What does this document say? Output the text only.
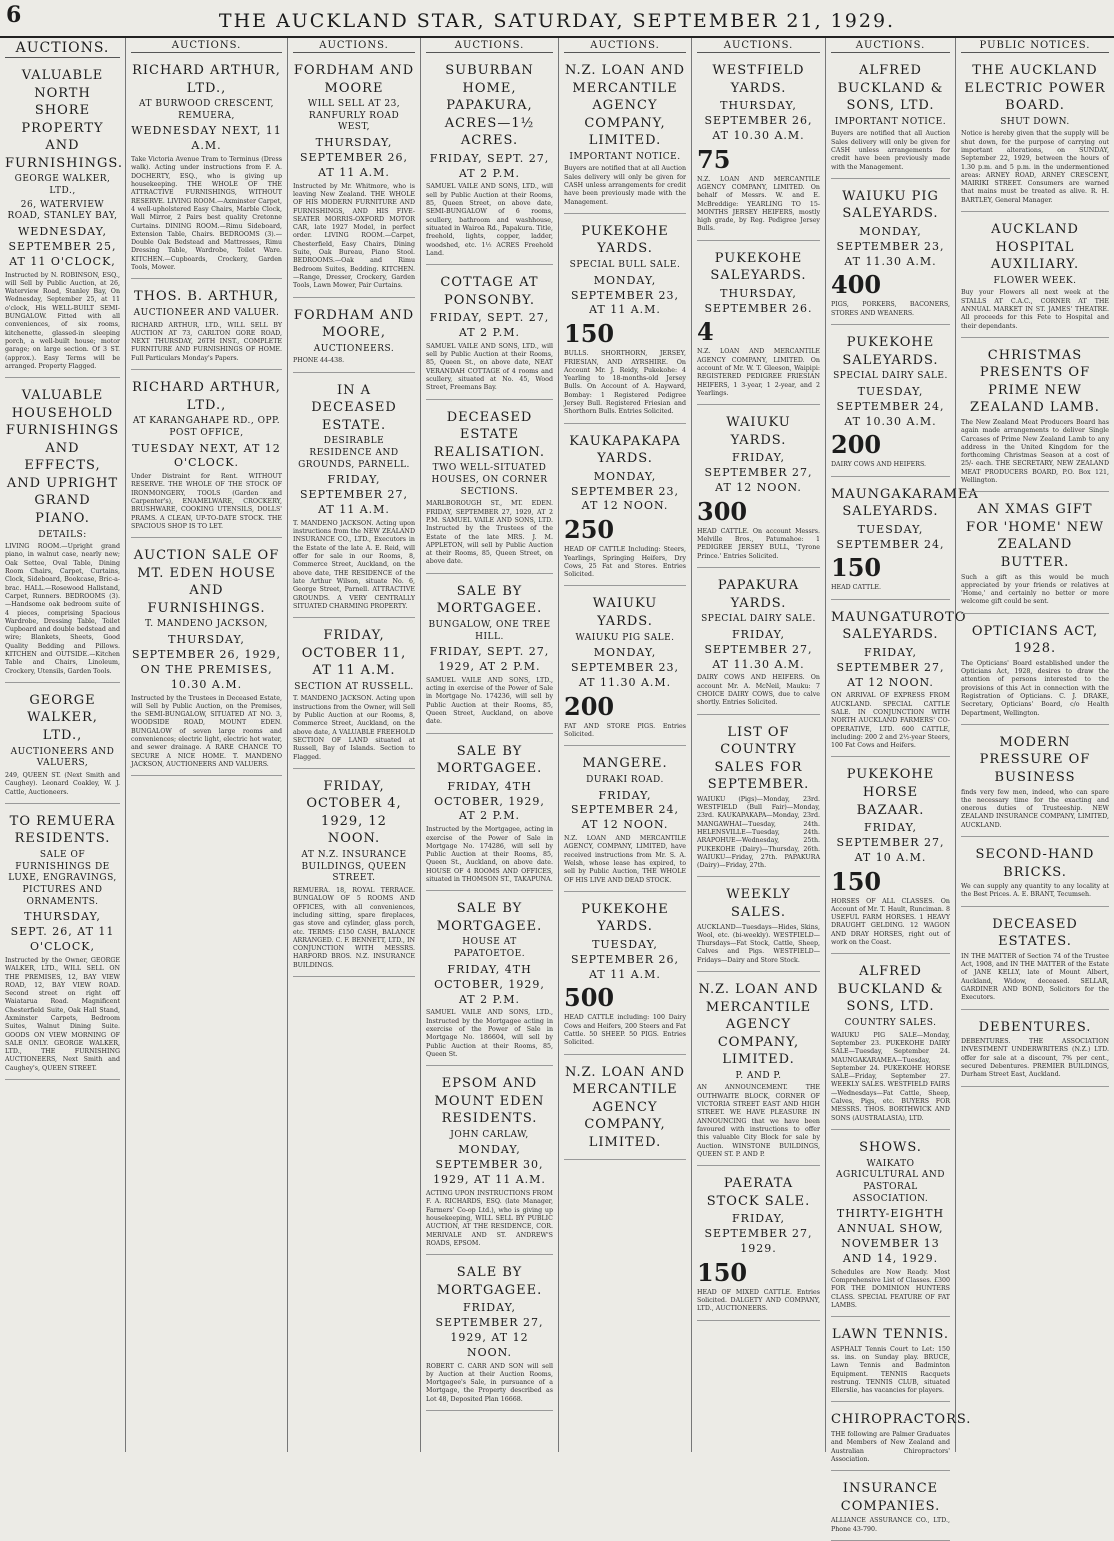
6	THE AUCKLAND STAR, SATURDAY, SEPTEMBER 21, 1929.
AUCTIONS.
VALUABLE NORTH SHORE PROPERTY AND FURNISHINGS.
GEORGE WALKER, LTD.,
26, WATERVIEW ROAD, STANLEY BAY,
WEDNESDAY, SEPTEMBER 25, AT 11 O'CLOCK,
Instructed by N. ROBINSON, ESQ., will Sell by Public Auction, at 26, Waterview Road, Stanley Bay, On Wednesday, September 25, at 11 o'clock, His WELL-BUILT SEMI-BUNGALOW. Fitted with all conveniences, of six rooms, kitchenette, glassed-in sleeping porch, a well-built house; motor garage; on large section. Of 3 ST. (approx.). Easy Terms will be arranged. Property Flagged.
VALUABLE HOUSEHOLD FURNISHINGS AND EFFECTS, AND UPRIGHT GRAND PIANO.
DETAILS:
LIVING ROOM.—Upright grand piano, in walnut case, nearly new; Oak Settee, Oval Table, Dining Room Chairs, Carpet, Curtains, Clock, Sideboard, Bookcase, Bric-a-brac. HALL.—Rosewood Hallstand, Carpet, Runners. BEDROOMS (3).—Handsome oak bedroom suite of 4 pieces, comprising Spacious Wardrobe, Dressing Table, Toilet Cupboard and double bedstead and wire; Blankets, Sheets, Good Quality Bedding and Pillows. KITCHEN and OUTSIDE.—Kitchen Table and Chairs, Linoleum, Crockery, Utensils, Garden Tools.
GEORGE WALKER, LTD.,
AUCTIONEERS AND VALUERS,
249, QUEEN ST. (Next Smith and Caughey). Leonard Coakley, W. J. Cattle, Auctioneers.
TO REMUERA RESIDENTS.
SALE OF FURNISHINGS DE LUXE, ENGRAVINGS, PICTURES AND ORNAMENTS.
THURSDAY, SEPT. 26, AT 11 O'CLOCK,
Instructed by the Owner, GEORGE WALKER, LTD., WILL SELL ON THE PREMISES, 12, BAY VIEW ROAD, 12, BAY VIEW ROAD. Second street on right off Waiatarua Road. Magnificent Chesterfield Suite, Oak Hall Stand, Axminster Carpets, Bedroom Suites, Walnut Dining Suite. GOODS ON VIEW MORNING OF SALE ONLY. GEORGE WALKER, LTD., THE FURNISHING AUCTIONEERS, Next Smith and Caughey's, QUEEN STREET.
AUCTIONS.
RICHARD ARTHUR, LTD.,
AT BURWOOD CRESCENT, REMUERA,
WEDNESDAY NEXT, 11 A.M.
Take Victoria Avenue Tram to Terminus (Dress walk). Acting under instructions from F. A. DOCHERTY, ESQ., who is giving up housekeeping. THE WHOLE OF THE ATTRACTIVE FURNISHINGS, WITHOUT RESERVE. LIVING ROOM.—Axminster Carpet, 4 well-upholstered Easy Chairs, Marble Clock, Wall Mirror, 2 Pairs best quality Cretonne Curtains. DINING ROOM.—Rimu Sideboard, Extension Table, Chairs. BEDROOMS (3).—Double Oak Bedstead and Mattresses, Rimu Dressing Table, Wardrobe, Toilet Ware. KITCHEN.—Cupboards, Crockery, Garden Tools, Mower.
THOS. B. ARTHUR,
AUCTIONEER AND VALUER.
RICHARD ARTHUR, LTD., WILL SELL BY AUCTION AT 73, CARLTON GORE ROAD, NEXT THURSDAY, 26TH INST., COMPLETE FURNITURE AND FURNISHINGS OF HOME. Full Particulars Monday's Papers.
RICHARD ARTHUR, LTD.,
AT KARANGAHAPE RD., OPP. POST OFFICE,
TUESDAY NEXT, AT 12 O'CLOCK.
Under Distraint for Rent. WITHOUT RESERVE. THE WHOLE OF THE STOCK OF IRONMONGERY, TOOLS (Garden and Carpenter's), ENAMELWARE, CROCKERY, BRUSHWARE, COOKING UTENSILS, DOLLS' PRAMS. A CLEAN, UP-TO-DATE STOCK. THE SPACIOUS SHOP IS TO LET.
AUCTION SALE OF MT. EDEN HOUSE AND FURNISHINGS.
T. MANDENO JACKSON,
THURSDAY, SEPTEMBER 26, 1929, ON THE PREMISES, 10.30 A.M.
Instructed by the Trustees in Deceased Estate, will Sell by Public Auction, on the Premises, the SEMI-BUNGALOW, SITUATED AT NO. 3, WOODSIDE ROAD, MOUNT EDEN. BUNGALOW of seven large rooms and conveniences; electric light, electric hot water, and sewer drainage. A RARE CHANCE TO SECURE A NICE HOME. T. MANDENO JACKSON, AUCTIONEERS AND VALUERS.
AUCTIONS.
FORDHAM AND MOORE
WILL SELL AT 23, RANFURLY ROAD WEST,
THURSDAY, SEPTEMBER 26, AT 11 A.M.
Instructed by Mr. Whitmore, who is leaving New Zealand. THE WHOLE OF HIS MODERN FURNITURE AND FURNISHINGS, AND HIS FIVE-SEATER MORRIS-OXFORD MOTOR CAR, late 1927 Model, in perfect order. LIVING ROOM.—Carpet, Chesterfield, Easy Chairs, Dining Suite, Oak Bureau, Piano Stool. BEDROOMS.—Oak and Rimu Bedroom Suites, Bedding. KITCHEN.—Range, Dresser, Crockery, Garden Tools, Lawn Mower, Pair Curtains.
FORDHAM AND MOORE,
AUCTIONEERS.
PHONE 44-438.
IN A DECEASED ESTATE.
DESIRABLE RESIDENCE AND GROUNDS, PARNELL.
FRIDAY, SEPTEMBER 27, AT 11 A.M.
T. MANDENO JACKSON. Acting upon instructions from the NEW ZEALAND INSURANCE CO., LTD., Executors in the Estate of the late A. E. Reid, will offer for sale in our Rooms, 8, Commerce Street, Auckland, on the above date, THE RESIDENCE of the late Arthur Wilson, situate No. 6, George Street, Parnell. ATTRACTIVE GROUNDS. A VERY CENTRALLY SITUATED CHARMING PROPERTY.
FRIDAY, OCTOBER 11, AT 11 A.M.
SECTION AT RUSSELL.
T. MANDENO JACKSON. Acting upon instructions from the Owner, will Sell by Public Auction at our Rooms, 8, Commerce Street, Auckland, on the above date, A VALUABLE FREEHOLD SECTION OF LAND situated at Russell, Bay of Islands. Section to Flagged.
FRIDAY, OCTOBER 4, 1929, 12 NOON.
AT N.Z. INSURANCE BUILDINGS, QUEEN STREET.
REMUERA. 18, ROYAL TERRACE. BUNGALOW OF 5 ROOMS AND OFFICES, with all conveniences, including sitting, spare fireplaces, gas stove and cylinder, glass porch, etc. TERMS: £150 CASH, BALANCE ARRANGED. C. F. BENNETT, LTD., IN CONJUNCTION WITH MESSRS. HARFORD BROS. N.Z. INSURANCE BUILDINGS.
AUCTIONS.
SUBURBAN HOME, PAPAKURA, ACRES—1½ ACRES.
FRIDAY, SEPT. 27, AT 2 P.M.
SAMUEL VAILE AND SONS, LTD., will sell by Public Auction at their Rooms, 85, Queen Street, on above date, SEMI-BUNGALOW of 6 rooms, scullery, bathroom and washhouse, situated in Wairoa Rd., Papakura. Title, freehold, lights, copper, ladder, woodshed, etc. 1½ ACRES Freehold Land.
COTTAGE AT PONSONBY.
FRIDAY, SEPT. 27, AT 2 P.M.
SAMUEL VAILE AND SONS, LTD., will sell by Public Auction at their Rooms, 85, Queen St., on above date, NEAT VERANDAH COTTAGE of 4 rooms and scullery, situated at No. 45, Wood Street, Freemans Bay.
DECEASED ESTATE REALISATION.
TWO WELL-SITUATED HOUSES, ON CORNER SECTIONS.
MARLBOROUGH ST., MT. EDEN. FRIDAY, SEPTEMBER 27, 1929, AT 2 P.M. SAMUEL VAILE AND SONS, LTD. Instructed by the Trustees of the Estate of the late MRS. J. M. APPLETON, will sell by Public Auction at their Rooms, 85, Queen Street, on above date.
SALE BY MORTGAGEE.
BUNGALOW, ONE TREE HILL.
FRIDAY, SEPT. 27, 1929, AT 2 P.M.
SAMUEL VAILE AND SONS, LTD., acting in exercise of the Power of Sale in Mortgage No. 174236, will sell by Public Auction at their Rooms, 85, Queen Street, Auckland, on above date.
SALE BY MORTGAGEE.
FRIDAY, 4TH OCTOBER, 1929, AT 2 P.M.
Instructed by the Mortgagee, acting in exercise of the Power of Sale in Mortgage No. 174286, will sell by Public Auction at their Rooms, 85, Queen St., Auckland, on above date. HOUSE OF 4 ROOMS AND OFFICES, situated in THOMSON ST., TAKAPUNA.
SALE BY MORTGAGEE.
HOUSE AT PAPATOETOE.
FRIDAY, 4TH OCTOBER, 1929, AT 2 P.M.
SAMUEL VAILE AND SONS, LTD., Instructed by the Mortgagee acting in exercise of the Power of Sale in Mortgage No. 186604, will sell by Public Auction at their Rooms, 85, Queen St.
EPSOM AND MOUNT EDEN RESIDENTS.
JOHN CARLAW,
MONDAY, SEPTEMBER 30, 1929, AT 11 A.M.
ACTING UPON INSTRUCTIONS FROM F. A. RICHARDS, ESQ. (late Manager, Farmers' Co-op Ltd.), who is giving up housekeeping, WILL SELL BY PUBLIC AUCTION, AT THE RESIDENCE, COR. MERIVALE AND ST. ANDREW'S ROADS, EPSOM.
SALE BY MORTGAGEE.
FRIDAY, SEPTEMBER 27, 1929, AT 12 NOON.
ROBERT C. CARR AND SON will sell by Auction at their Auction Rooms, Mortgagee's Sale, in pursuance of a Mortgage, the Property described as Lot 48, Deposited Plan 16668.
AUCTIONS.
N.Z. LOAN AND MERCANTILE AGENCY COMPANY, LIMITED.
IMPORTANT NOTICE.
Buyers are notified that at all Auction Sales delivery will only be given for CASH unless arrangements for credit have been previously made with the Management.
PUKEKOHE YARDS.
SPECIAL BULL SALE.
MONDAY, SEPTEMBER 23, AT 11 A.M.
150
BULLS. SHORTHORN, JERSEY, FRIESIAN, AND AYRSHIRE. On Account Mr. J. Reidy, Pukekohe: 4 Yearling to 18-months-old Jersey Bulls. On Account of A. Hayward, Bombay: 1 Registered Pedigree Jersey Bull. Registered Friesian and Shorthorn Bulls. Entries Solicited.
KAUKAPAKAPA YARDS.
MONDAY, SEPTEMBER 23, AT 12 NOON.
250
HEAD OF CATTLE Including: Steers, Yearlings, Springing Heifers, Dry Cows, 25 Fat and Stores. Entries Solicited.
WAIUKU YARDS.
WAIUKU PIG SALE.
MONDAY, SEPTEMBER 23, AT 11.30 A.M.
200
FAT AND STORE PIGS. Entries Solicited.
MANGERE.
DURAKI ROAD.
FRIDAY, SEPTEMBER 24, AT 12 NOON.
N.Z. LOAN AND MERCANTILE AGENCY, COMPANY, LIMITED, have received instructions from Mr. S. A. Welsh, whose lease has expired, to sell by Public Auction, THE WHOLE OF HIS LIVE AND DEAD STOCK.
PUKEKOHE YARDS.
TUESDAY, SEPTEMBER 26, AT 11 A.M.
500
HEAD CATTLE including: 100 Dairy Cows and Heifers, 200 Steers and Fat Cattle. 50 SHEEP. 50 PIGS. Entries Solicited.
N.Z. LOAN AND MERCANTILE AGENCY COMPANY, LIMITED.
AUCTIONS.
WESTFIELD YARDS.
THURSDAY, SEPTEMBER 26, AT 10.30 A.M.
75
N.Z. LOAN AND MERCANTILE AGENCY COMPANY, LIMITED. On behalf of Messrs. W. and E. McBreddige: YEARLING TO 15-MONTHS JERSEY HEIFERS, mostly high grade, by Reg. Pedigree Jersey Bulls.
PUKEKOHE SALEYARDS.
THURSDAY, SEPTEMBER 26.
4
N.Z. LOAN AND MERCANTILE AGENCY COMPANY, LIMITED. On account of Mr. W. T. Gleeson, Waipipi: REGISTERED PEDIGREE FRIESIAN HEIFERS, 1 3-year, 1 2-year, and 2 Yearlings.
WAIUKU YARDS.
FRIDAY, SEPTEMBER 27, AT 12 NOON.
300
HEAD CATTLE. On account Messrs. Melville Bros., Patumahoe: 1 PEDIGREE JERSEY BULL, 'Tyrone Prince.' Entries Solicited.
PAPAKURA YARDS.
SPECIAL DAIRY SALE.
FRIDAY, SEPTEMBER 27, AT 11.30 A.M.
DAIRY COWS AND HEIFERS. On account Mr. A. McNeil, Mauku: 7 CHOICE DAIRY COWS, due to calve shortly. Entries Solicited.
LIST OF COUNTRY SALES FOR SEPTEMBER.
WAIUKU (Pigs)—Monday, 23rd. WESTFIELD (Bull Fair)—Monday, 23rd. KAUKAPAKAPA—Monday, 23rd. MANGAWHAI—Tuesday, 24th. HELENSVILLE—Tuesday, 24th. ARAPOHUE—Wednesday, 25th. PUKEKOHE (Dairy)—Thursday, 26th. WAIUKU—Friday, 27th. PAPAKURA (Dairy)—Friday, 27th.
WEEKLY SALES.
AUCKLAND—Tuesdays—Hides, Skins, Wool, etc. (bi-weekly). WESTFIELD—Thursdays—Fat Stock, Cattle, Sheep, Calves and Pigs. WESTFIELD—Fridays—Dairy and Store Stock.
N.Z. LOAN AND MERCANTILE AGENCY COMPANY, LIMITED.
P. AND P.
AN ANNOUNCEMENT. THE OUTHWAITE BLOCK, CORNER OF VICTORIA STREET EAST AND HIGH STREET. WE HAVE PLEASURE IN ANNOUNCING that we have been favoured with instructions to offer this valuable City Block for sale by Auction. WINSTONE BUILDINGS, QUEEN ST. P. AND P.
PAERATA STOCK SALE.
FRIDAY, SEPTEMBER 27, 1929.
150
HEAD OF MIXED CATTLE. Entries Solicited. DALGETY AND COMPANY, LTD., AUCTIONEERS.
AUCTIONS.
ALFRED BUCKLAND & SONS, LTD.
IMPORTANT NOTICE.
Buyers are notified that all Auction Sales delivery will only be given for CASH unless arrangements for credit have been previously made with the Management.
WAIUKU PIG SALEYARDS.
MONDAY, SEPTEMBER 23, AT 11.30 A.M.
400
PIGS, PORKERS, BACONERS, STORES AND WEANERS.
PUKEKOHE SALEYARDS.
SPECIAL DAIRY SALE.
TUESDAY, SEPTEMBER 24, AT 10.30 A.M.
200
DAIRY COWS AND HEIFERS.
MAUNGAKARAMEA SALEYARDS.
TUESDAY, SEPTEMBER 24,
150
HEAD CATTLE.
MAUNGATUROTO SALEYARDS.
FRIDAY, SEPTEMBER 27, AT 12 NOON.
ON ARRIVAL OF EXPRESS FROM AUCKLAND. SPECIAL CATTLE SALE. IN CONJUNCTION WITH NORTH AUCKLAND FARMERS' CO-OPERATIVE, LTD. 600 CATTLE, including: 200 2 and 2½-year Steers, 100 Fat Cows and Heifers.
PUKEKOHE HORSE BAZAAR.
FRIDAY, SEPTEMBER 27, AT 10 A.M.
150
HORSES OF ALL CLASSES. On Account of Mr. T. Hault, Runciman. 8 USEFUL FARM HORSES. 1 HEAVY DRAUGHT GELDING. 12 WAGON AND DRAY HORSES, right out of work on the Coast.
ALFRED BUCKLAND & SONS, LTD.
COUNTRY SALES.
WAIUKU PIG SALE—Monday, September 23. PUKEKOHE DAIRY SALE—Tuesday, September 24. MAUNGAKARAMEA—Tuesday, September 24. PUKEKOHE HORSE SALE—Friday, September 27. WEEKLY SALES. WESTFIELD FAIRS—Wednesdays—Fat Cattle, Sheep, Calves, Pigs, etc. BUYERS FOR MESSRS. THOS. BORTHWICK AND SONS (AUSTRALASIA), LTD.
SHOWS.
WAIKATO AGRICULTURAL AND PASTORAL ASSOCIATION.
THIRTY-EIGHTH ANNUAL SHOW, NOVEMBER 13 AND 14, 1929.
Schedules are Now Ready. Most Comprehensive List of Classes. £300 FOR THE DOMINION HUNTERS CLASS. SPECIAL FEATURE OF FAT LAMBS.
LAWN TENNIS.
ASPHALT Tennis Court to Let: 150 ss. ins. on Sunday play. BRUCE, Lawn Tennis and Badminton Equipment. TENNIS Racquets restrung. TENNIS CLUB, situated Ellerslie, has vacancies for players.
CHIROPRACTORS.
THE following are Palmer Graduates and Members of New Zealand and Australian Chiropractors' Association.
INSURANCE COMPANIES.
ALLIANCE ASSURANCE CO., LTD., Phone 43-790.
PUBLIC NOTICES.
THE AUCKLAND ELECTRIC POWER BOARD.
SHUT DOWN.
Notice is hereby given that the supply will be shut down, for the purpose of carrying out important alterations, on SUNDAY, September 22, 1929, between the hours of 1.30 p.m. and 5 p.m. in the undermentioned areas: ARNEY ROAD, ARNEY CRESCENT, MAIRIKI STREET. Consumers are warned that mains must be treated as alive. R. H. BARTLEY, General Manager.
AUCKLAND HOSPITAL AUXILIARY.
FLOWER WEEK.
Buy your Flowers all next week at the STALLS AT C.A.C., CORNER AT THE ANNUAL MARKET IN ST. JAMES' THEATRE. All proceeds for this Fete to Hospital and their dependants.
CHRISTMAS PRESENTS OF PRIME NEW ZEALAND LAMB.
The New Zealand Meat Producers Board has again made arrangements to deliver Single Carcases of Prime New Zealand Lamb to any address in the United Kingdom for the forthcoming Christmas Season at a cost of 25/- each. THE SECRETARY, NEW ZEALAND MEAT PRODUCERS BOARD, P.O. Box 121, Wellington.
AN XMAS GIFT FOR 'HOME' NEW ZEALAND BUTTER.
Such a gift as this would be much appreciated by your friends or relatives at 'Home,' and certainly no better or more welcome gift could be sent.
OPTICIANS ACT, 1928.
The Opticians' Board established under the Opticians Act, 1928, desires to draw the attention of persons interested to the provisions of this Act in connection with the Registration of Opticians. C. J. DRAKE, Secretary, Opticians' Board, c/o Health Department, Wellington.
MODERN PRESSURE OF BUSINESS
finds very few men, indeed, who can spare the necessary time for the exacting and onerous duties of Trusteeship. NEW ZEALAND INSURANCE COMPANY, LIMITED, AUCKLAND.
SECOND-HAND BRICKS.
We can supply any quantity to any locality at the Best Prices. A. E. BRANT, Tecumseh.
DECEASED ESTATES.
IN THE MATTER of Section 74 of the Trustee Act, 1908, and IN THE MATTER of the Estate of JANE KELLY, late of Mount Albert, Auckland, Widow, deceased. SELLAR, GARDINER AND BOND, Solicitors for the Executors.
DEBENTURES.
DEBENTURES. THE ASSOCIATION INVESTMENT UNDERWRITERS (N.Z.) LTD. offer for sale at a discount, 7% per cent., secured Debentures. PREMIER BUILDINGS, Durham Street East, Auckland.
